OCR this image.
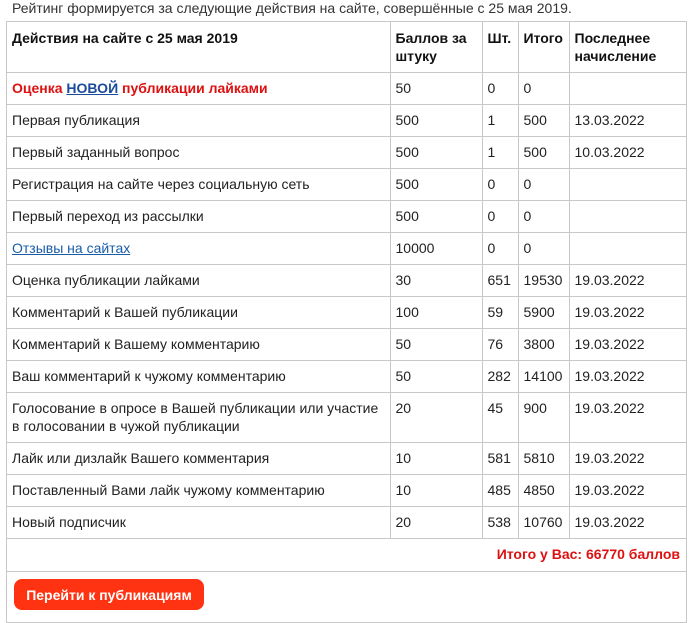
Рейтинг формируется за следующие действия на сайте, совершённые с 25 мая 2019.
Действия на сайте с 25 мая 2019	Баллов за штуку	Шт.	Итого	Последнее начисление
Оценка НОВОЙ публикации лайками	50	0	0	
Первая публикация	500	1	500	13.03.2022
Первый заданный вопрос	500	1	500	10.03.2022
Регистрация на сайте через социальную сеть	500	0	0	
Первый переход из рассылки	500	0	0	
Отзывы на сайтах	10000	0	0	
Оценка публикации лайками	30	651	19530	19.03.2022
Комментарий к Вашей публикации	100	59	5900	19.03.2022
Комментарий к Вашему комментарию	50	76	3800	19.03.2022
Ваш комментарий к чужому комментарию	50	282	14100	19.03.2022
Голосование в опросе в Вашей публикации или участие в голосовании в чужой публикации	20	45	900	19.03.2022
Лайк или дизлайк Вашего комментария	10	581	5810	19.03.2022
Поставленный Вами лайк чужому комментарию	10	485	4850	19.03.2022
Новый подписчик	20	538	10760	19.03.2022
Итого у Вас: 66770 баллов
Перейти к публикациям
